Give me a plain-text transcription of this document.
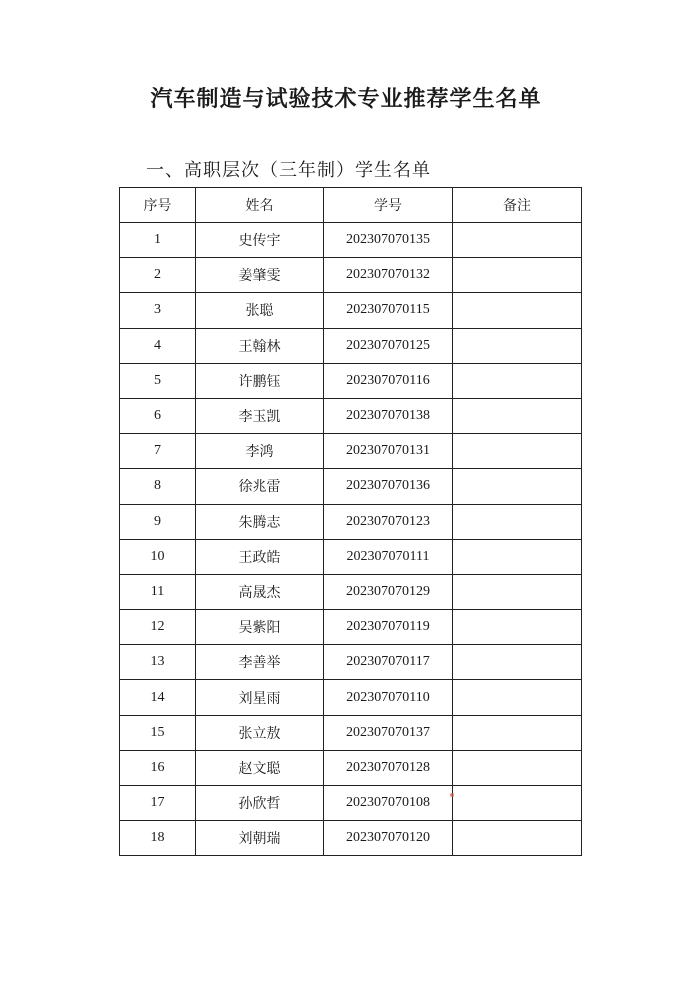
汽车制造与试验技术专业推荐学生名单
一、高职层次（三年制）学生名单
序号	姓名	学号	备注
1	史传宇	202307070135	
2	姜肇雯	202307070132	
3	张聪	202307070115	
4	王翰林	202307070125	
5	许鹏钰	202307070116	
6	李玉凯	202307070138	
7	李鸿	202307070131	
8	徐兆雷	202307070136	
9	朱腾志	202307070123	
10	王政皓	202307070111	
11	高晟杰	202307070129	
12	吴紫阳	202307070119	
13	李善举	202307070117	
14	刘星雨	202307070110	
15	张立敖	202307070137	
16	赵文聪	202307070128	
17	孙欣哲	202307070108	
18	刘朝瑞	202307070120	
